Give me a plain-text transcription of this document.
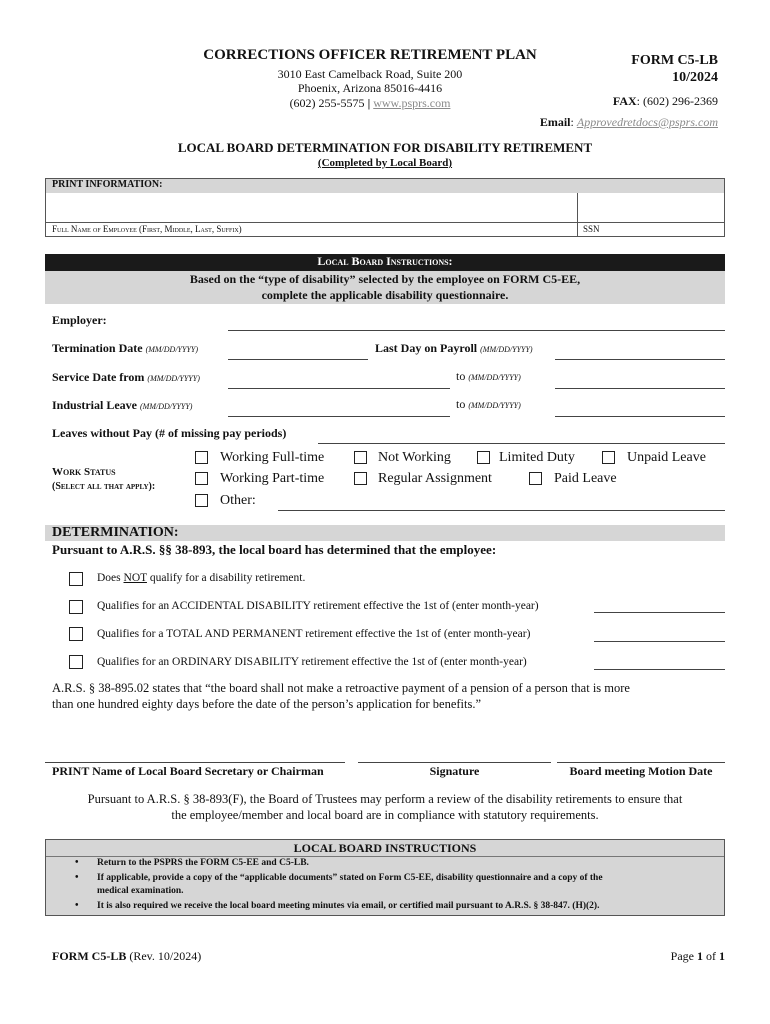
CORRECTIONS OFFICER RETIREMENT PLAN
3010 East Camelback Road, Suite 200
Phoenix, Arizona 85016-4416
(602) 255-5575 | www.psprs.com
FORM C5-LB
10/2024
FAX: (602) 296-2369
Email: Approvedretdocs@psprs.com
LOCAL BOARD DETERMINATION FOR DISABILITY RETIREMENT
(Completed by Local Board)
PRINT INFORMATION:
Full Name of Employee (First, Middle, Last, Suffix)	SSN
Local Board Instructions:
Based on the “type of disability” selected by the employee on FORM C5-EE,
complete the applicable disability questionnaire.
Employer:
Termination Date (MM/DD/YYYY)	Last Day on Payroll (MM/DD/YYYY)
Service Date from (MM/DD/YYYY)	to (MM/DD/YYYY)
Industrial Leave (MM/DD/YYYY)	to (MM/DD/YYYY)
Leaves without Pay (# of missing pay periods)
Work Status
(Select all that apply):
Working Full-time	Not Working	Limited Duty	Unpaid Leave
Working Part-time	Regular Assignment	Paid Leave
Other:
DETERMINATION:
Pursuant to A.R.S. §§ 38-893, the local board has determined that the employee:
Does NOT qualify for a disability retirement.
Qualifies for an ACCIDENTAL DISABILITY retirement effective the 1st of (enter month-year)
Qualifies for a TOTAL AND PERMANENT retirement effective the 1st of (enter month-year)
Qualifies for an ORDINARY DISABILITY retirement effective the 1st of (enter month-year)
A.R.S. § 38-895.02 states that “the board shall not make a retroactive payment of a pension of a person that is more
than one hundred eighty days before the date of the person’s application for benefits.”
PRINT Name of Local Board Secretary or Chairman	Signature	Board meeting Motion Date
Pursuant to A.R.S. § 38-893(F), the Board of Trustees may perform a review of the disability retirements to ensure that
the employee/member and local board are in compliance with statutory requirements.
LOCAL BOARD INSTRUCTIONS
• Return to the PSPRS the FORM C5-EE and C5-LB.
• If applicable, provide a copy of the “applicable documents” stated on Form C5-EE, disability questionnaire and a copy of the
medical examination.
• It is also required we receive the local board meeting minutes via email, or certified mail pursuant to A.R.S. § 38-847. (H)(2).
FORM C5-LB (Rev. 10/2024)	Page 1 of 1
